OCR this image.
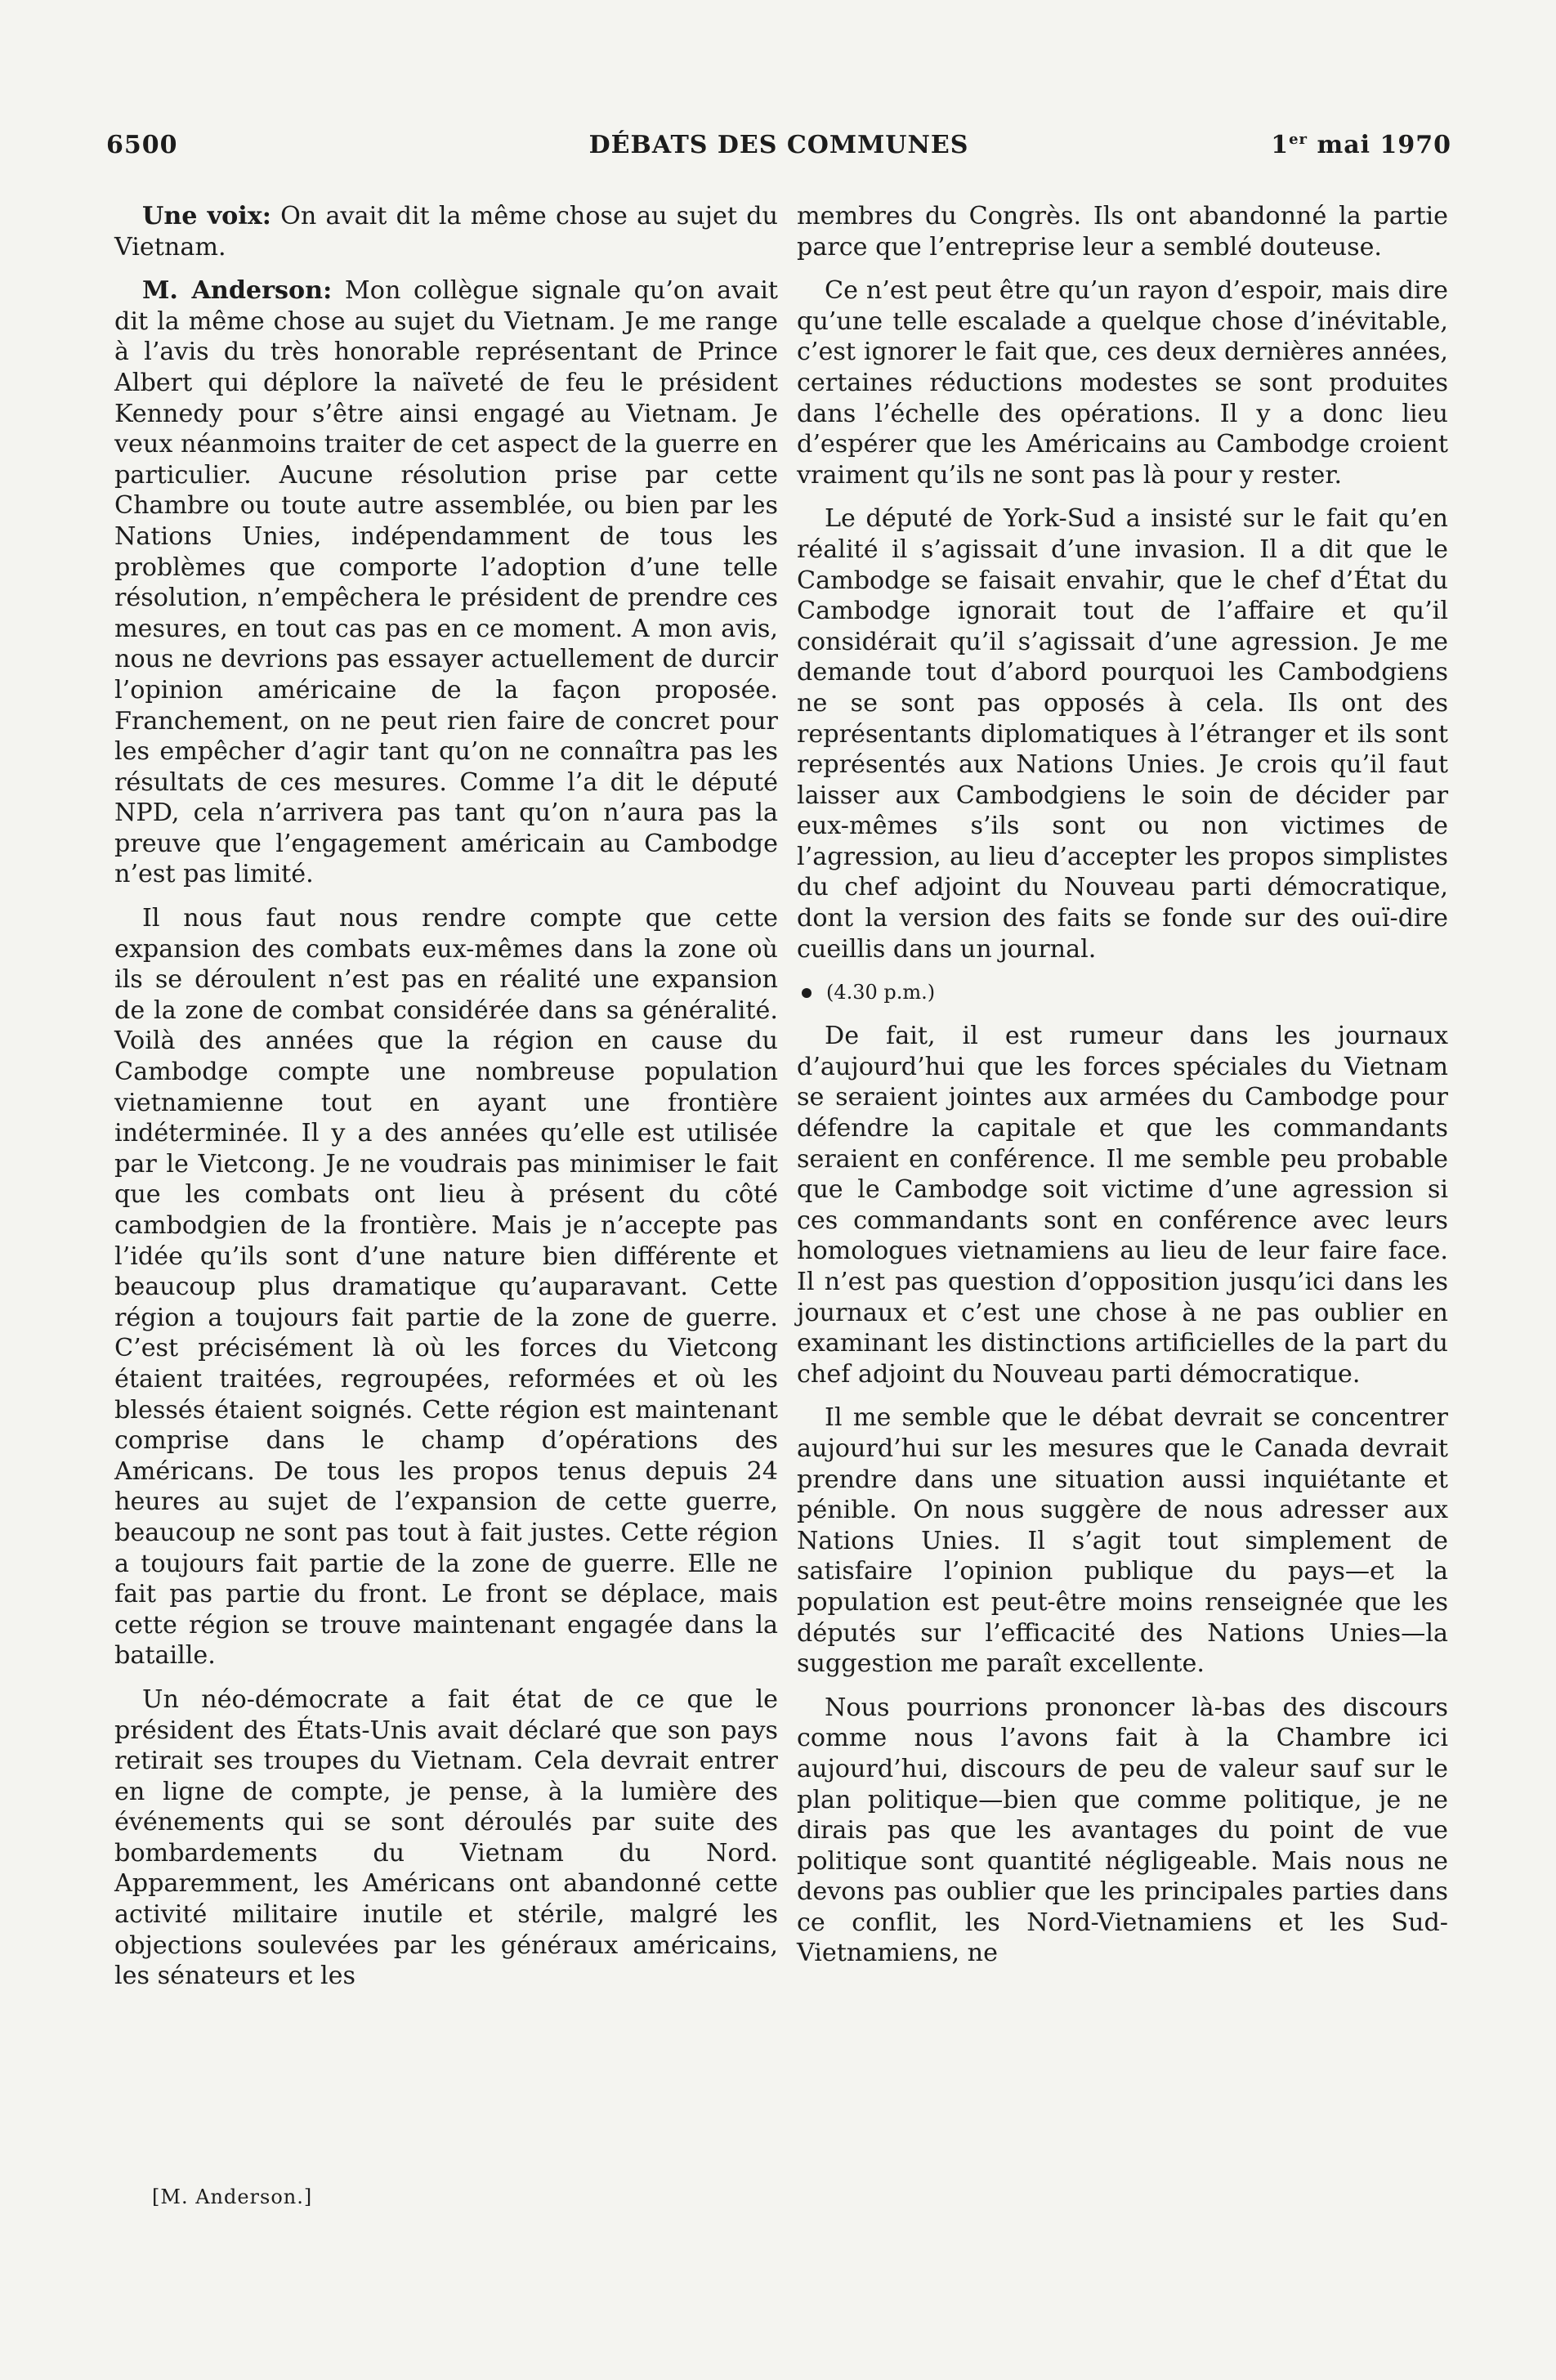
6500	DÉBATS DES COMMUNES	1er mai 1970

Une voix: On avait dit la même chose au sujet du Vietnam.

M. Anderson: Mon collègue signale qu’on avait dit la même chose au sujet du Vietnam. Je me range à l’avis du très honorable représentant de Prince Albert qui déplore la naïveté de feu le président Kennedy pour s’être ainsi engagé au Vietnam. Je veux néanmoins traiter de cet aspect de la guerre en particulier. Aucune résolution prise par cette Chambre ou toute autre assemblée, ou bien par les Nations Unies, indépendamment de tous les problèmes que comporte l’adoption d’une telle résolution, n’empêchera le président de prendre ces mesures, en tout cas pas en ce moment. A mon avis, nous ne devrions pas essayer actuellement de durcir l’opinion américaine de la façon proposée. Franchement, on ne peut rien faire de concret pour les empêcher d’agir tant qu’on ne connaîtra pas les résultats de ces mesures. Comme l’a dit le député NPD, cela n’arrivera pas tant qu’on n’aura pas la preuve que l’engagement américain au Cambodge n’est pas limité.

Il nous faut nous rendre compte que cette expansion des combats eux-mêmes dans la zone où ils se déroulent n’est pas en réalité une expansion de la zone de combat considérée dans sa généralité. Voilà des années que la région en cause du Cambodge compte une nombreuse population vietnamienne tout en ayant une frontière indéterminée. Il y a des années qu’elle est utilisée par le Vietcong. Je ne voudrais pas minimiser le fait que les combats ont lieu à présent du côté cambodgien de la frontière. Mais je n’accepte pas l’idée qu’ils sont d’une nature bien différente et beaucoup plus dramatique qu’auparavant. Cette région a toujours fait partie de la zone de guerre. C’est précisément là où les forces du Vietcong étaient traitées, regroupées, reformées et où les blessés étaient soignés. Cette région est maintenant comprise dans le champ d’opérations des Américans. De tous les propos tenus depuis 24 heures au sujet de l’expansion de cette guerre, beaucoup ne sont pas tout à fait justes. Cette région a toujours fait partie de la zone de guerre. Elle ne fait pas partie du front. Le front se déplace, mais cette région se trouve maintenant engagée dans la bataille.

Un néo-démocrate a fait état de ce que le président des États-Unis avait déclaré que son pays retirait ses troupes du Vietnam. Cela devrait entrer en ligne de compte, je pense, à la lumière des événements qui se sont déroulés par suite des bombardements du Vietnam du Nord. Apparemment, les Américans ont abandonné cette activité militaire inutile et stérile, malgré les objections soulevées par les généraux américains, les sénateurs et les

[M. Anderson.]

membres du Congrès. Ils ont abandonné la partie parce que l’entreprise leur a semblé douteuse.

Ce n’est peut être qu’un rayon d’espoir, mais dire qu’une telle escalade a quelque chose d’inévitable, c’est ignorer le fait que, ces deux dernières années, certaines réductions modestes se sont produites dans l’échelle des opérations. Il y a donc lieu d’espérer que les Américains au Cambodge croient vraiment qu’ils ne sont pas là pour y rester.

Le député de York-Sud a insisté sur le fait qu’en réalité il s’agissait d’une invasion. Il a dit que le Cambodge se faisait envahir, que le chef d’État du Cambodge ignorait tout de l’affaire et qu’il considérait qu’il s’agissait d’une agression. Je me demande tout d’abord pourquoi les Cambodgiens ne se sont pas opposés à cela. Ils ont des représentants diplomatiques à l’étranger et ils sont représentés aux Nations Unies. Je crois qu’il faut laisser aux Cambodgiens le soin de décider par eux-mêmes s’ils sont ou non victimes de l’agression, au lieu d’accepter les propos simplistes du chef adjoint du Nouveau parti démocratique, dont la version des faits se fonde sur des ouï-dire cueillis dans un journal.

(4.30 p.m.)

De fait, il est rumeur dans les journaux d’aujourd’hui que les forces spéciales du Vietnam se seraient jointes aux armées du Cambodge pour défendre la capitale et que les commandants seraient en conférence. Il me semble peu probable que le Cambodge soit victime d’une agression si ces commandants sont en conférence avec leurs homologues vietnamiens au lieu de leur faire face. Il n’est pas question d’opposition jusqu’ici dans les journaux et c’est une chose à ne pas oublier en examinant les distinctions artificielles de la part du chef adjoint du Nouveau parti démocratique.

Il me semble que le débat devrait se concentrer aujourd’hui sur les mesures que le Canada devrait prendre dans une situation aussi inquiétante et pénible. On nous suggère de nous adresser aux Nations Unies. Il s’agit tout simplement de satisfaire l’opinion publique du pays—et la population est peut-être moins renseignée que les députés sur l’efficacité des Nations Unies—la suggestion me paraît excellente.

Nous pourrions prononcer là-bas des discours comme nous l’avons fait à la Chambre ici aujourd’hui, discours de peu de valeur sauf sur le plan politique—bien que comme politique, je ne dirais pas que les avantages du point de vue politique sont quantité négligeable. Mais nous ne devons pas oublier que les principales parties dans ce conflit, les Nord-Vietnamiens et les Sud-Vietnamiens, ne
